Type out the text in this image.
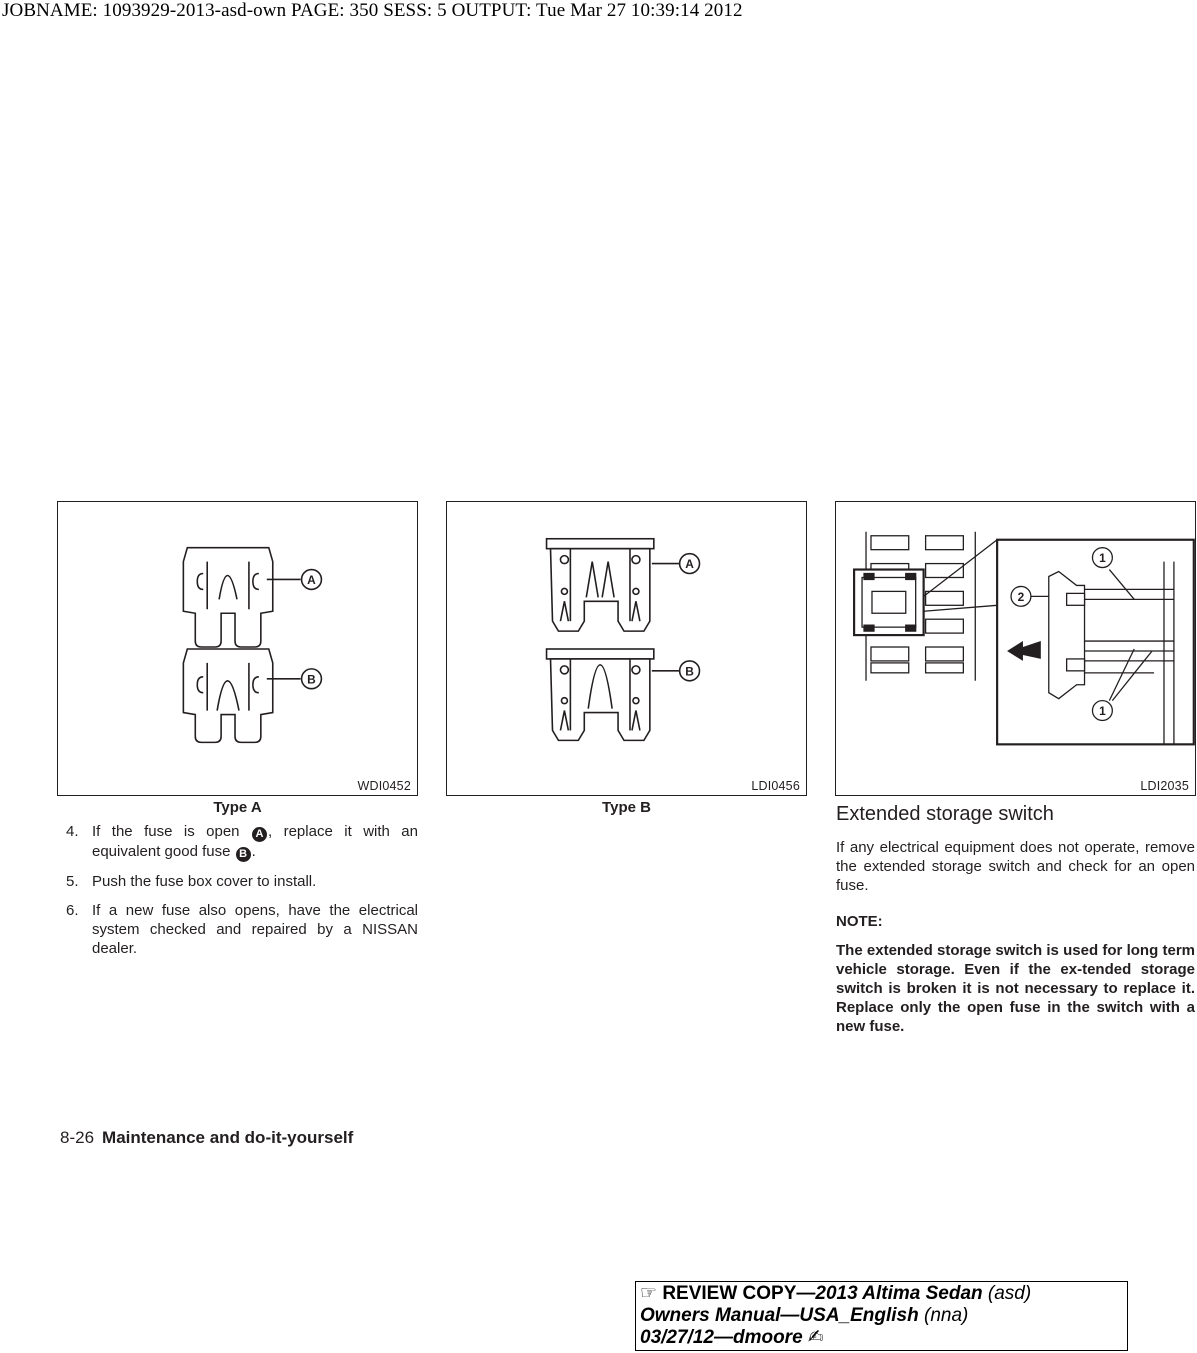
JOBNAME: 1093929-2013-asd-own PAGE: 350 SESS: 5 OUTPUT: Tue Mar 27 10:39:14 2012
A
B
WDI0452
Type A
A
B
LDI0456
Type B
1
2
1
LDI2035
4. If the fuse is open A , replace it with an equivalent good fuse B .
5. Push the fuse box cover to install.
6. If a new fuse also opens, have the electrical system checked and repaired by a NISSAN dealer.
Extended storage switch

If any electrical equipment does not operate, remove the extended storage switch and check for an open fuse.

NOTE:
The extended storage switch is used for long term vehicle storage. Even if the ex-tended storage switch is broken it is not necessary to replace it. Replace only the open fuse in the switch with a new fuse.
8-26 Maintenance and do-it-yourself
☞ REVIEW COPY—2013 Altima Sedan (asd)
Owners Manual—USA_English (nna)
03/27/12—dmoore ✍
